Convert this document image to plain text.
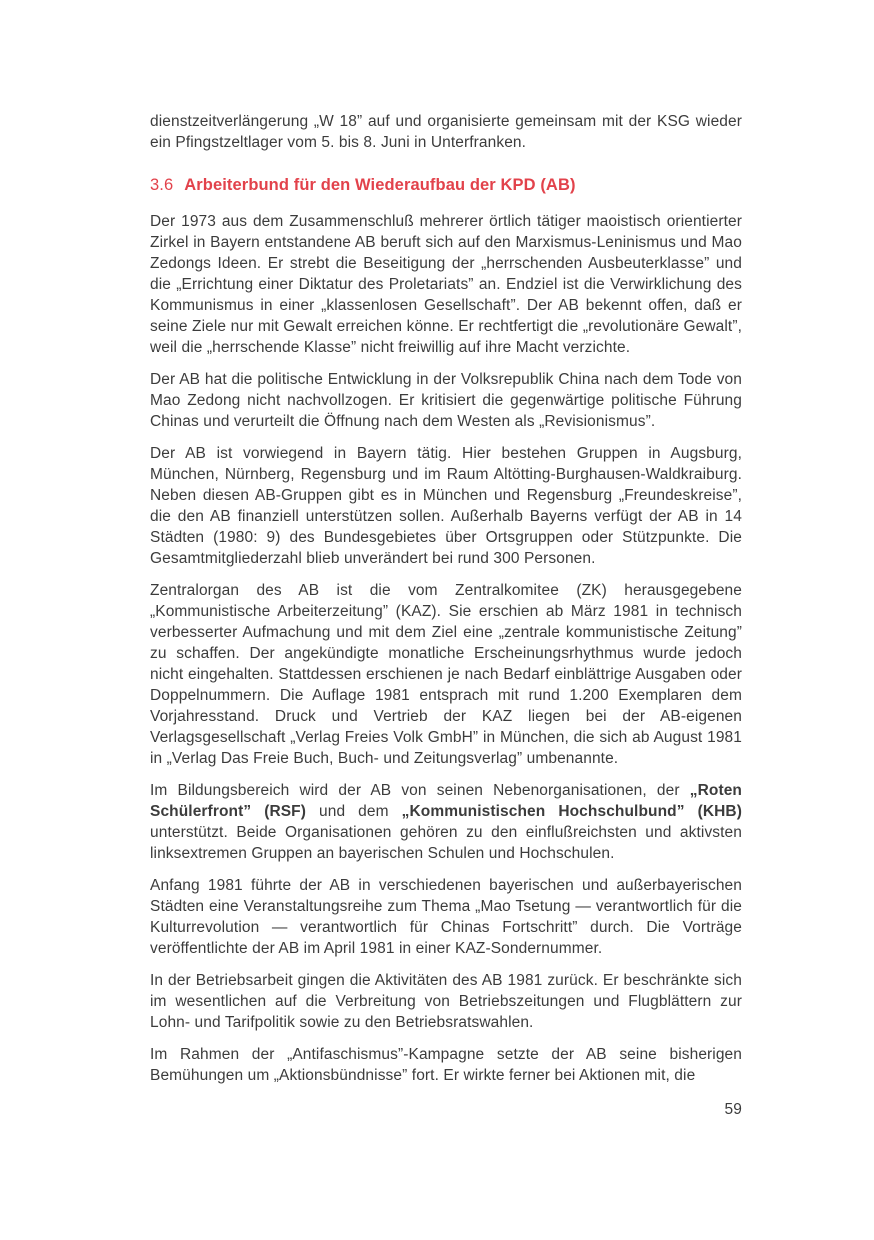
dienstzeitverlängerung „W 18” auf und organisierte gemeinsam mit der KSG wieder ein Pfingstzeltlager vom 5. bis 8. Juni in Unterfranken.

3.6 Arbeiterbund für den Wiederaufbau der KPD (AB)

Der 1973 aus dem Zusammenschluß mehrerer örtlich tätiger maoistisch orientierter Zirkel in Bayern entstandene AB beruft sich auf den Marxismus-Leninismus und Mao Zedongs Ideen. Er strebt die Beseitigung der „herrschenden Ausbeuterklasse” und die „Errichtung einer Diktatur des Proletariats” an. Endziel ist die Verwirklichung des Kommunismus in einer „klassenlosen Gesellschaft”. Der AB bekennt offen, daß er seine Ziele nur mit Gewalt erreichen könne. Er rechtfertigt die „revolutionäre Gewalt”, weil die „herrschende Klasse” nicht freiwillig auf ihre Macht verzichte.

Der AB hat die politische Entwicklung in der Volksrepublik China nach dem Tode von Mao Zedong nicht nachvollzogen. Er kritisiert die gegenwärtige politische Führung Chinas und verurteilt die Öffnung nach dem Westen als „Revisionismus”.

Der AB ist vorwiegend in Bayern tätig. Hier bestehen Gruppen in Augsburg, München, Nürnberg, Regensburg und im Raum Altötting-Burghausen-Waldkraiburg. Neben diesen AB-Gruppen gibt es in München und Regensburg „Freundeskreise”, die den AB finanziell unterstützen sollen. Außerhalb Bayerns verfügt der AB in 14 Städten (1980: 9) des Bundesgebietes über Ortsgruppen oder Stützpunkte. Die Gesamtmitgliederzahl blieb unverändert bei rund 300 Personen.

Zentralorgan des AB ist die vom Zentralkomitee (ZK) herausgegebene „Kommunistische Arbeiterzeitung” (KAZ). Sie erschien ab März 1981 in technisch verbesserter Aufmachung und mit dem Ziel eine „zentrale kommunistische Zeitung” zu schaffen. Der angekündigte monatliche Erscheinungsrhythmus wurde jedoch nicht eingehalten. Stattdessen erschienen je nach Bedarf einblättrige Ausgaben oder Doppelnummern. Die Auflage 1981 entsprach mit rund 1.200 Exemplaren dem Vorjahresstand. Druck und Vertrieb der KAZ liegen bei der AB-eigenen Verlagsgesellschaft „Verlag Freies Volk GmbH” in München, die sich ab August 1981 in „Verlag Das Freie Buch, Buch- und Zeitungsverlag” umbenannte.

Im Bildungsbereich wird der AB von seinen Nebenorganisationen, der „Roten Schülerfront” (RSF) und dem „Kommunistischen Hochschulbund” (KHB) unterstützt. Beide Organisationen gehören zu den einflußreichsten und aktivsten linksextremen Gruppen an bayerischen Schulen und Hochschulen.

Anfang 1981 führte der AB in verschiedenen bayerischen und außerbayerischen Städten eine Veranstaltungsreihe zum Thema „Mao Tsetung — verantwortlich für die Kulturrevolution — verantwortlich für Chinas Fortschritt” durch. Die Vorträge veröffentlichte der AB im April 1981 in einer KAZ-Sondernummer.

In der Betriebsarbeit gingen die Aktivitäten des AB 1981 zurück. Er beschränkte sich im wesentlichen auf die Verbreitung von Betriebszeitungen und Flugblättern zur Lohn- und Tarifpolitik sowie zu den Betriebsratswahlen.

Im Rahmen der „Antifaschismus”-Kampagne setzte der AB seine bisherigen Bemühungen um „Aktionsbündnisse” fort. Er wirkte ferner bei Aktionen mit, die

59
